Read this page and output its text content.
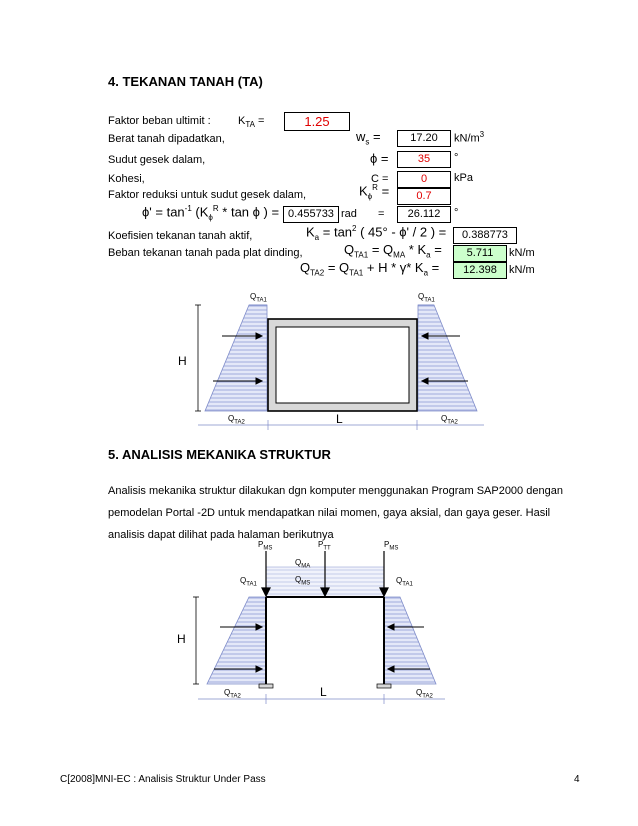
4. TEKANAN TANAH (TA)
Faktor beban ultimit : $K_{TA}$ =	1.25
Berat tanah dipadatkan,	$w_s$ =	17.20	$kN/m^3$
Sudut gesek dalam,	ϕ =	35	°
Kohesi,	C =	0	kPa
Faktor reduksi untuk sudut gesek dalam,	$K_\phi^R$ =	0.7
$\phi' = \tan^{-1} (K_\phi^R * \tan \phi$ ) = 0.455733 rad =	26.112	°
Koefisien tekanan tanah aktif,	$K_a = \tan^2$ ( 45° - ϕ' / 2 ) =	0.388773
Beban tekanan tanah pada plat dinding,	$Q_{TA1} = Q_{MA} * K_a$ =	5.711	kN/m
$Q_{TA2} = Q_{TA1} + H * \gamma*$ $K_a$ =	12.398	kN/m
$Q_{TA1}$	$Q_{TA1}$
$Q_{TA2}$	$Q_{TA2}$
H
L
5. ANALISIS MEKANIKA STRUKTUR
Analisis mekanika struktur dilakukan dgn komputer menggunakan Program SAP2000 dengan pemodelan Portal -2D untuk mendapatkan nilai momen, gaya aksial, dan gaya geser. Hasil analisis dapat dilihat pada halaman berikutnya
$P_{MS}$	$P_{TT}$	$P_{MS}$
$Q_{MA}$
$Q_{MS}$
$Q_{TA1}$	$Q_{TA1}$
$Q_{TA2}$	$Q_{TA2}$
H
L
C[2008]MNI-EC : Analisis Struktur Under Pass	4
